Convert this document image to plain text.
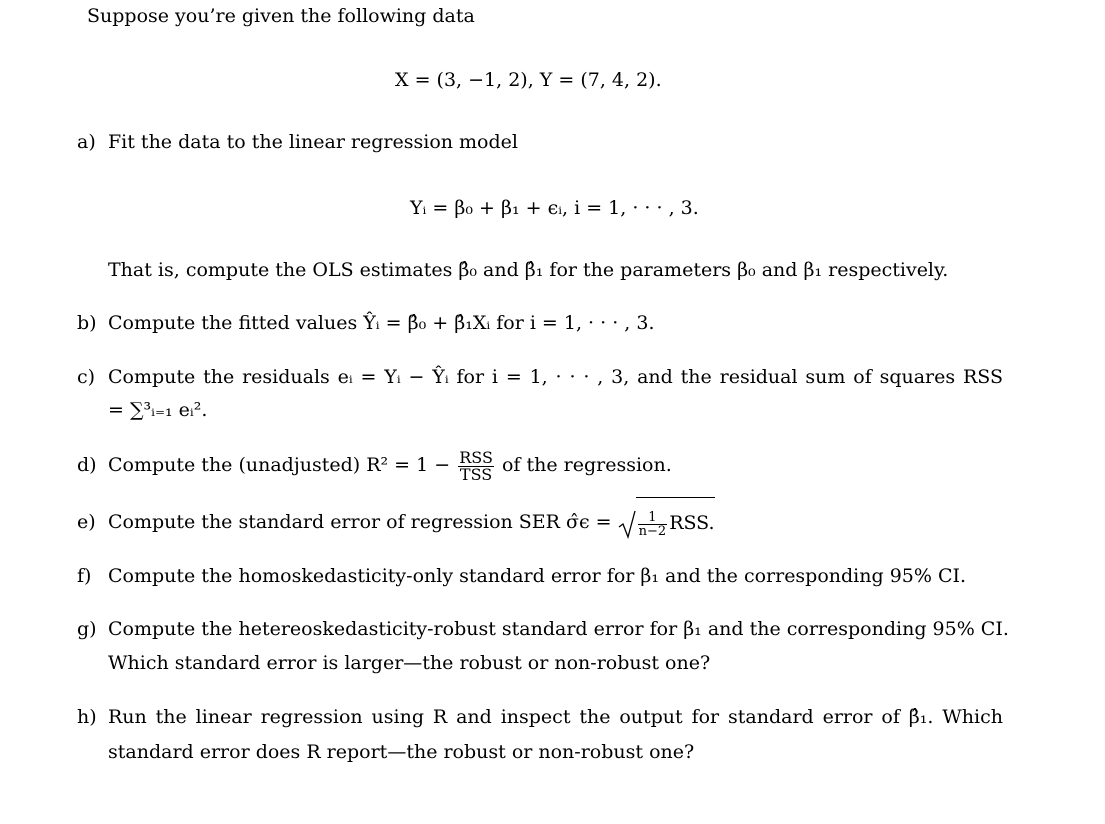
Suppose you’re given the following data
X = (3, −1, 2), Y = (7, 4, 2).
a) Fit the data to the linear regression model
Yᵢ = β₀ + β₁ + ϵᵢ, i = 1, · · · , 3.
That is, compute the OLS estimates β̂₀ and β̂₁ for the parameters β₀ and β₁ respectively.
b) Compute the fitted values Ŷᵢ = β̂₀ + β̂₁Xᵢ for i = 1, · · · , 3.
c) Compute the residuals eᵢ = Yᵢ − Ŷᵢ for i = 1, · · · , 3, and the residual sum of squares RSS
= ∑³ᵢ₌₁ eᵢ².
d) Compute the (unadjusted) $R^2 = 1 - \frac{\text{RSS}}{\text{TSS}}$ of the regression.
e) Compute the standard error of regression SER σ̂ϵ = $\frac{1}{n-2}$ RSS.
f) Compute the homoskedasticity-only standard error for β₁ and the corresponding 95% CI.
g) Compute the hetereoskedasticity-robust standard error for β₁ and the corresponding 95% CI.
Which standard error is larger—the robust or non-robust one?
h) Run the linear regression using R and inspect the output for standard error of β̂₁. Which
standard error does R report—the robust or non-robust one?
